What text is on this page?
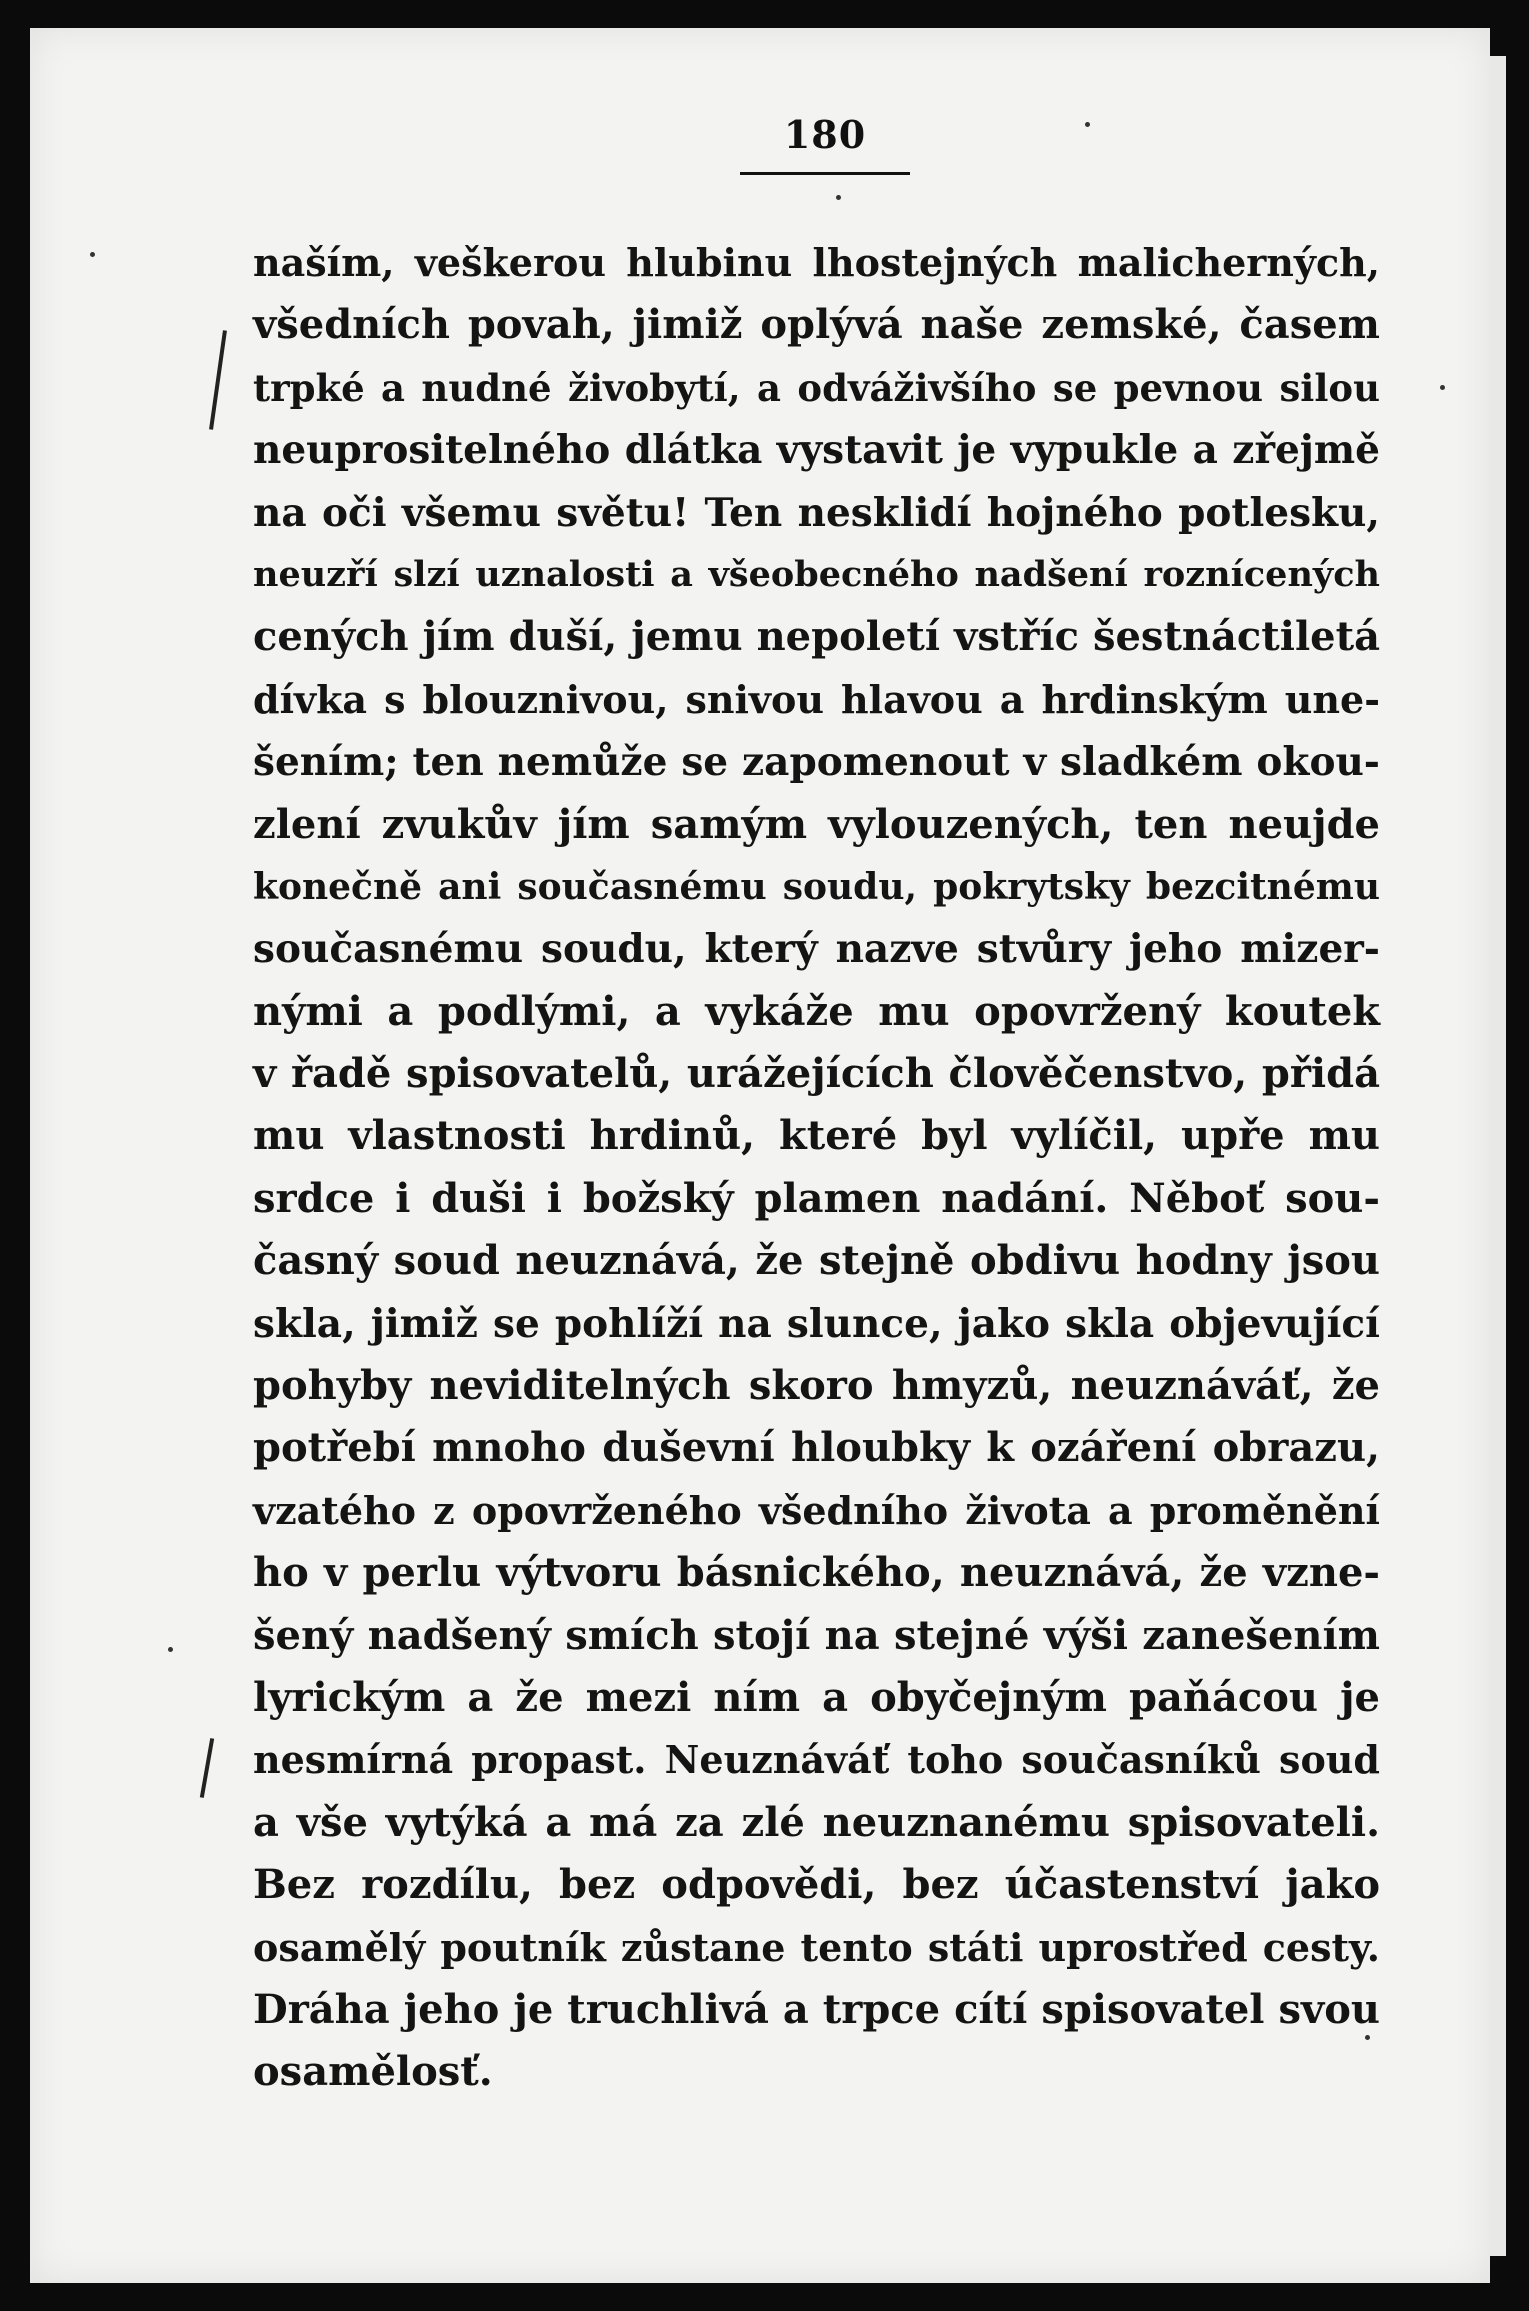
180
naším, veškerou hlubinu lhostejných malicherných,
všedních povah, jimiž oplývá naše zemské, časem
trpké a nudné živobytí, a odváživšího se pevnou silou
neuprositelného dlátka vystavit je vypukle a zřejmě
na oči všemu světu! Ten nesklidí hojného potlesku,
neuzří slzí uznalosti a všeobecného nadšení roznícených
cených jím duší, jemu nepoletí vstříc šestnáctiletá
dívka s blouznivou, snivou hlavou a hrdinským une-
šením; ten nemůže se zapomenout v sladkém okou-
zlení zvukův jím samým vylouzených, ten neujde
konečně ani současnému soudu, pokrytsky bezcitnému
současnému soudu, který nazve stvůry jeho mizer-
nými a podlými, a vykáže mu opovržený koutek
v řadě spisovatelů, urážejících člověčenstvo, přidá
mu vlastnosti hrdinů, které byl vylíčil, upře mu
srdce i duši i božský plamen nadání. Něboť sou-
časný soud neuznává, že stejně obdivu hodny jsou
skla, jimiž se pohlíží na slunce, jako skla objevující
pohyby neviditelných skoro hmyzů, neuznáváť, že
potřebí mnoho duševní hloubky k ozáření obrazu,
vzatého z opovrženého všedního života a proměnění
ho v perlu výtvoru básnického, neuznává, že vzne-
šený nadšený smích stojí na stejné výši zanešením
lyrickým a že mezi ním a obyčejným paňácou je
nesmírná propast. Neuznáváť toho současníků soud
a vše vytýká a má za zlé neuznanému spisovateli.
Bez rozdílu, bez odpovědi, bez účastenství jako
osamělý poutník zůstane tento státi uprostřed cesty.
Dráha jeho je truchlivá a trpce cítí spisovatel svou
osamělosť.
